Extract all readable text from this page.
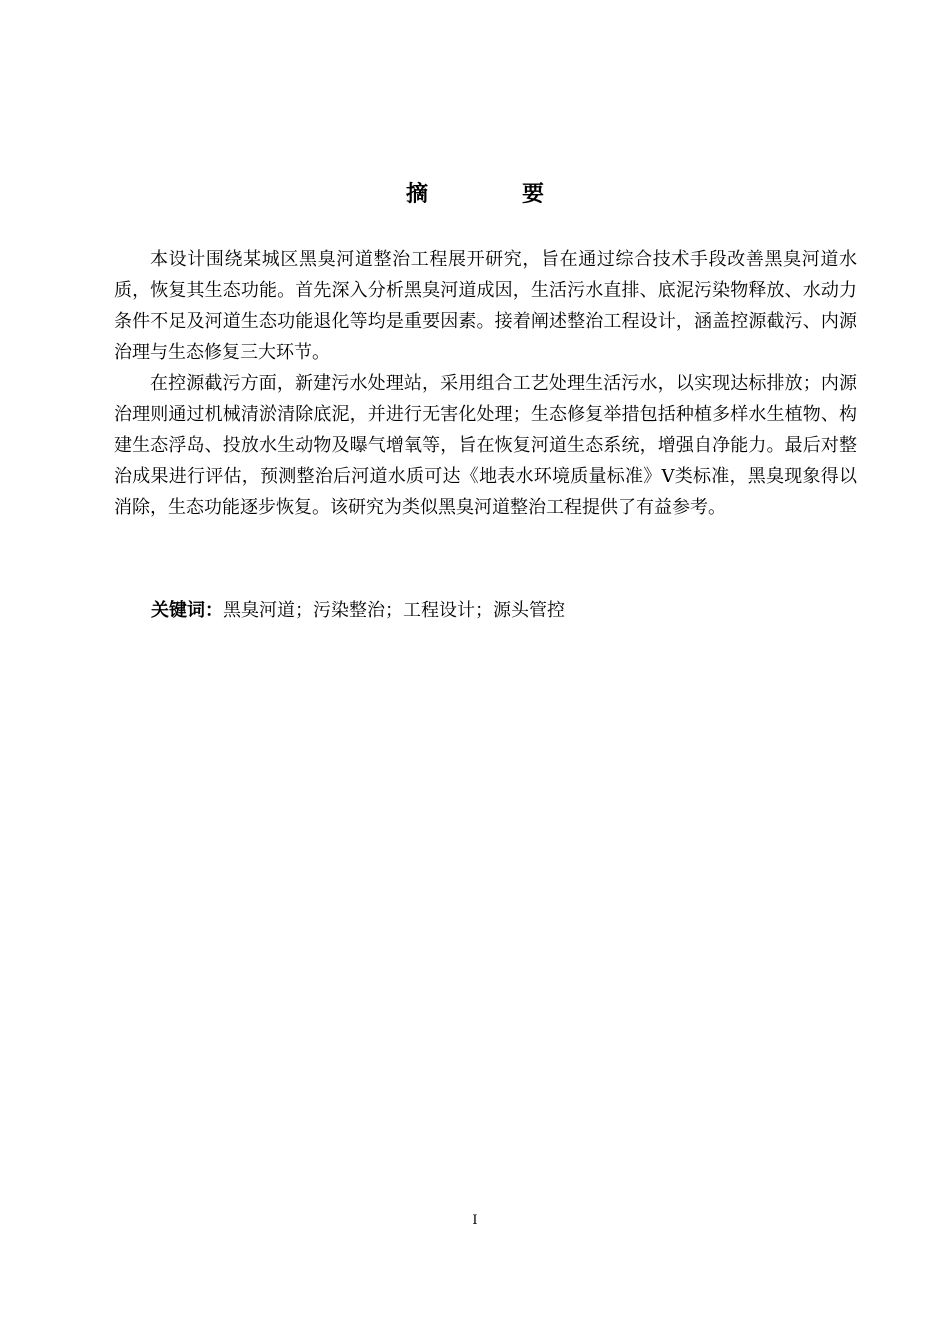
摘　要

本设计围绕某城区黑臭河道整治工程展开研究，旨在通过综合技术手段改善黑臭河道水质，恢复其生态功能。首先深入分析黑臭河道成因，生活污水直排、底泥污染物释放、水动力条件不足及河道生态功能退化等均是重要因素。接着阐述整治工程设计，涵盖控源截污、内源治理与生态修复三大环节。

在控源截污方面，新建污水处理站，采用组合工艺处理生活污水，以实现达标排放；内源治理则通过机械清淤清除底泥，并进行无害化处理；生态修复举措包括种植多样水生植物、构建生态浮岛、投放水生动物及曝气增氧等，旨在恢复河道生态系统，增强自净能力。最后对整治成果进行评估，预测整治后河道水质可达《地表水环境质量标准》Ⅴ类标准，黑臭现象得以消除，生态功能逐步恢复。该研究为类似黑臭河道整治工程提供了有益参考。

关键词：黑臭河道；污染整治；工程设计；源头管控
I
